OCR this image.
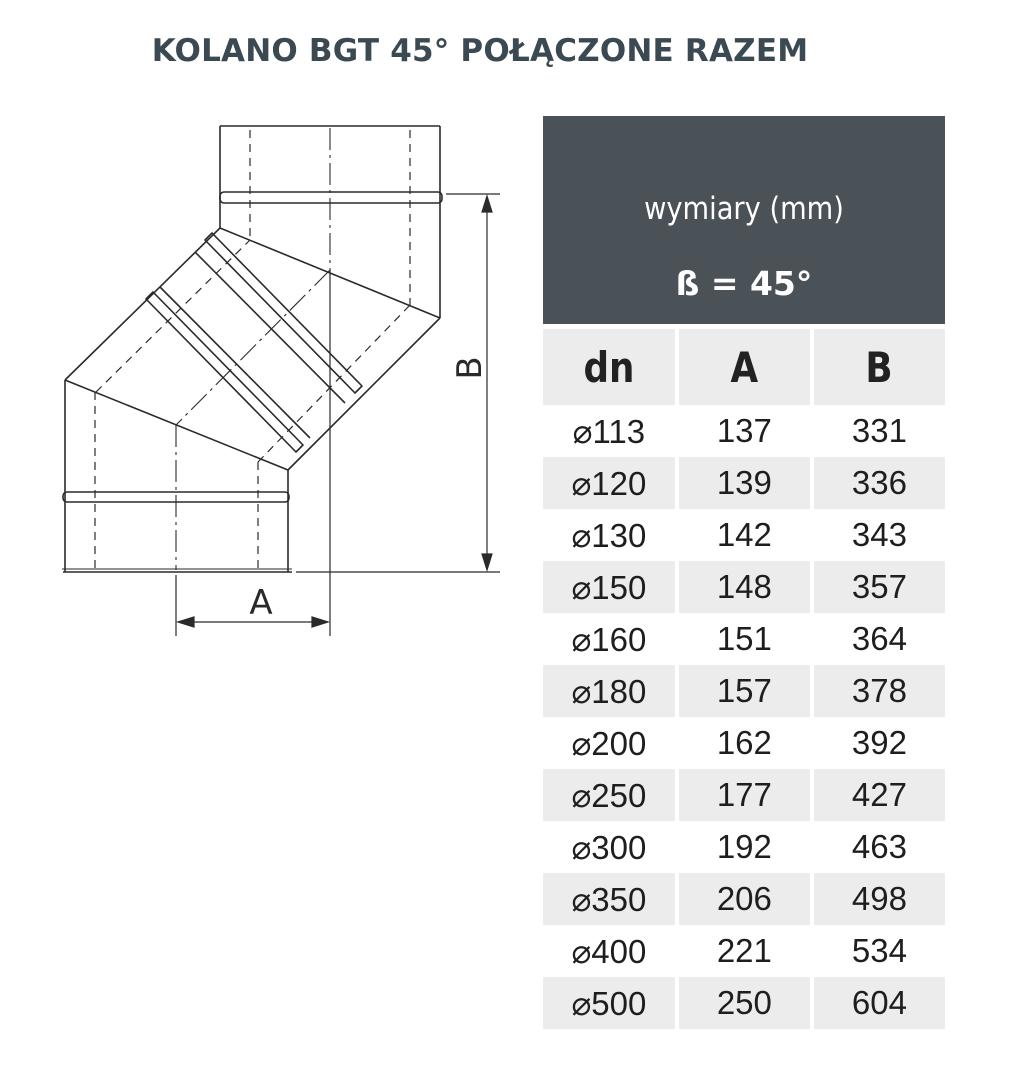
KOLANO BGT 45° POŁĄCZONE RAZEM
A
B
wymiary (mm)
ß = 45°
dn	A	B
⌀113	137	331
⌀120	139	336
⌀130	142	343
⌀150	148	357
⌀160	151	364
⌀180	157	378
⌀200	162	392
⌀250	177	427
⌀300	192	463
⌀350	206	498
⌀400	221	534
⌀500	250	604
